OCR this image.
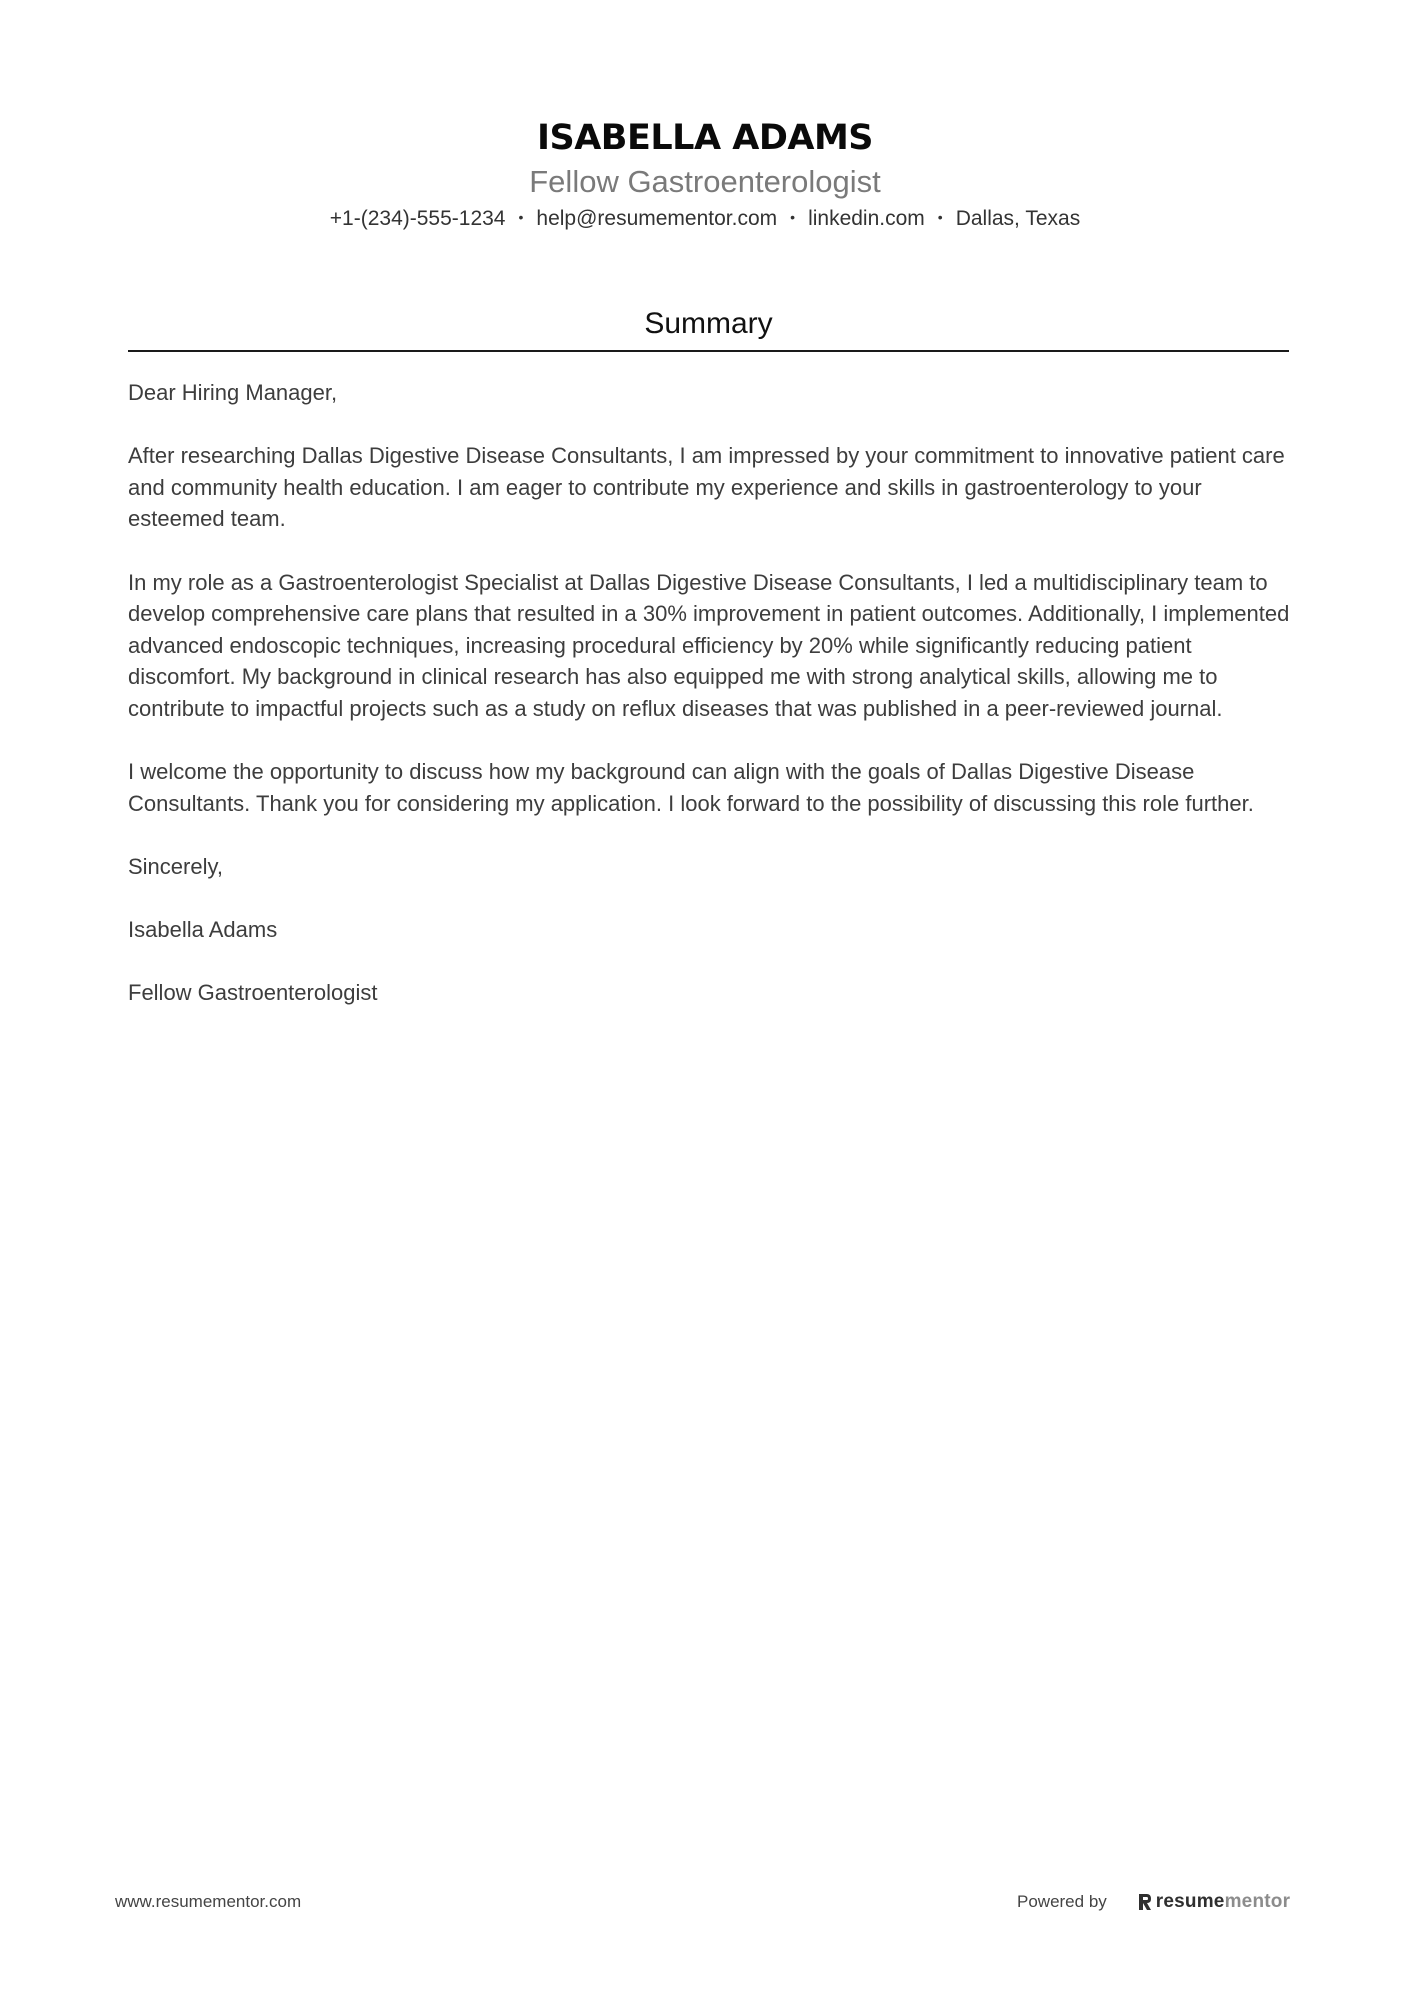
ISABELLA ADAMS
Fellow Gastroenterologist
+1-(234)-555-1234 • help@resumementor.com • linkedin.com • Dallas, Texas
Summary

Dear Hiring Manager,

After researching Dallas Digestive Disease Consultants, I am impressed by your commitment to innovative patient care and community health education. I am eager to contribute my experience and skills in gastroenterology to your esteemed team.

In my role as a Gastroenterologist Specialist at Dallas Digestive Disease Consultants, I led a multidisciplinary team to develop comprehensive care plans that resulted in a 30% improvement in patient outcomes. Additionally, I implemented advanced endoscopic techniques, increasing procedural efficiency by 20% while significantly reducing patient discomfort. My background in clinical research has also equipped me with strong analytical skills, allowing me to contribute to impactful projects such as a study on reflux diseases that was published in a peer-reviewed journal.

I welcome the opportunity to discuss how my background can align with the goals of Dallas Digestive Disease Consultants. Thank you for considering my application. I look forward to the possibility of discussing this role further.

Sincerely,

Isabella Adams

Fellow Gastroenterologist

www.resumementor.com	Powered by	resumementor
